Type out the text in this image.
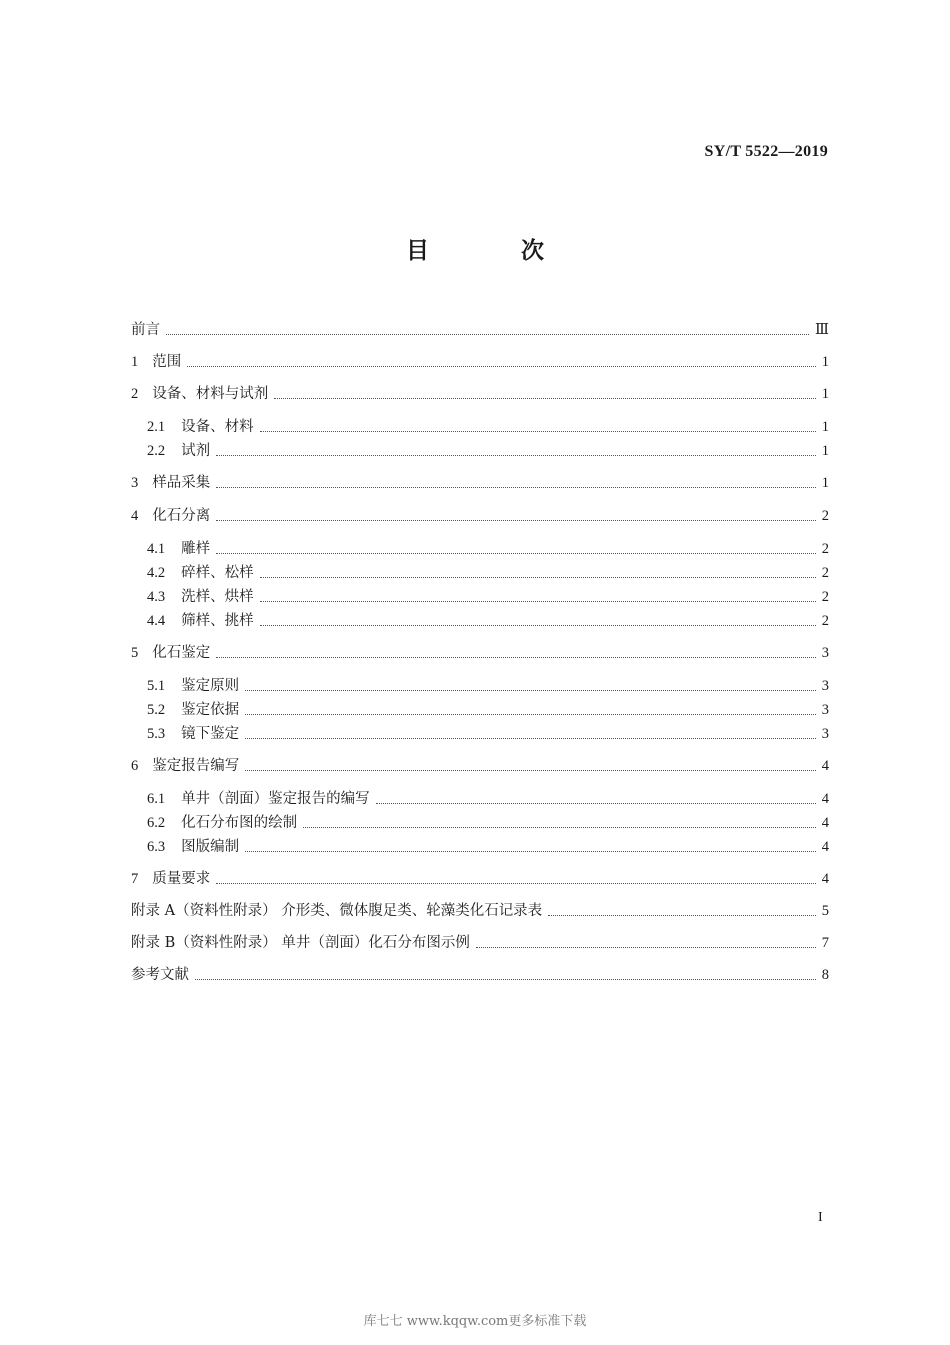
SY/T 5522—2019
目 次
前言	Ⅲ
1 范围	1
2 设备、材料与试剂	1
2.1 设备、材料	1
2.2 试剂	1
3 样品采集	1
4 化石分离	2
4.1 雕样	2
4.2 碎样、松样	2
4.3 洗样、烘样	2
4.4 筛样、挑样	2
5 化石鉴定	3
5.1 鉴定原则	3
5.2 鉴定依据	3
5.3 镜下鉴定	3
6 鉴定报告编写	4
6.1 单井（剖面）鉴定报告的编写	4
6.2 化石分布图的绘制	4
6.3 图版编制	4
7 质量要求	4
附录 A（资料性附录） 介形类、微体腹足类、轮藻类化石记录表	5
附录 B（资料性附录） 单井（剖面）化石分布图示例	7
参考文献	8
I
库七七 www.kqqw.com更多标准下载
